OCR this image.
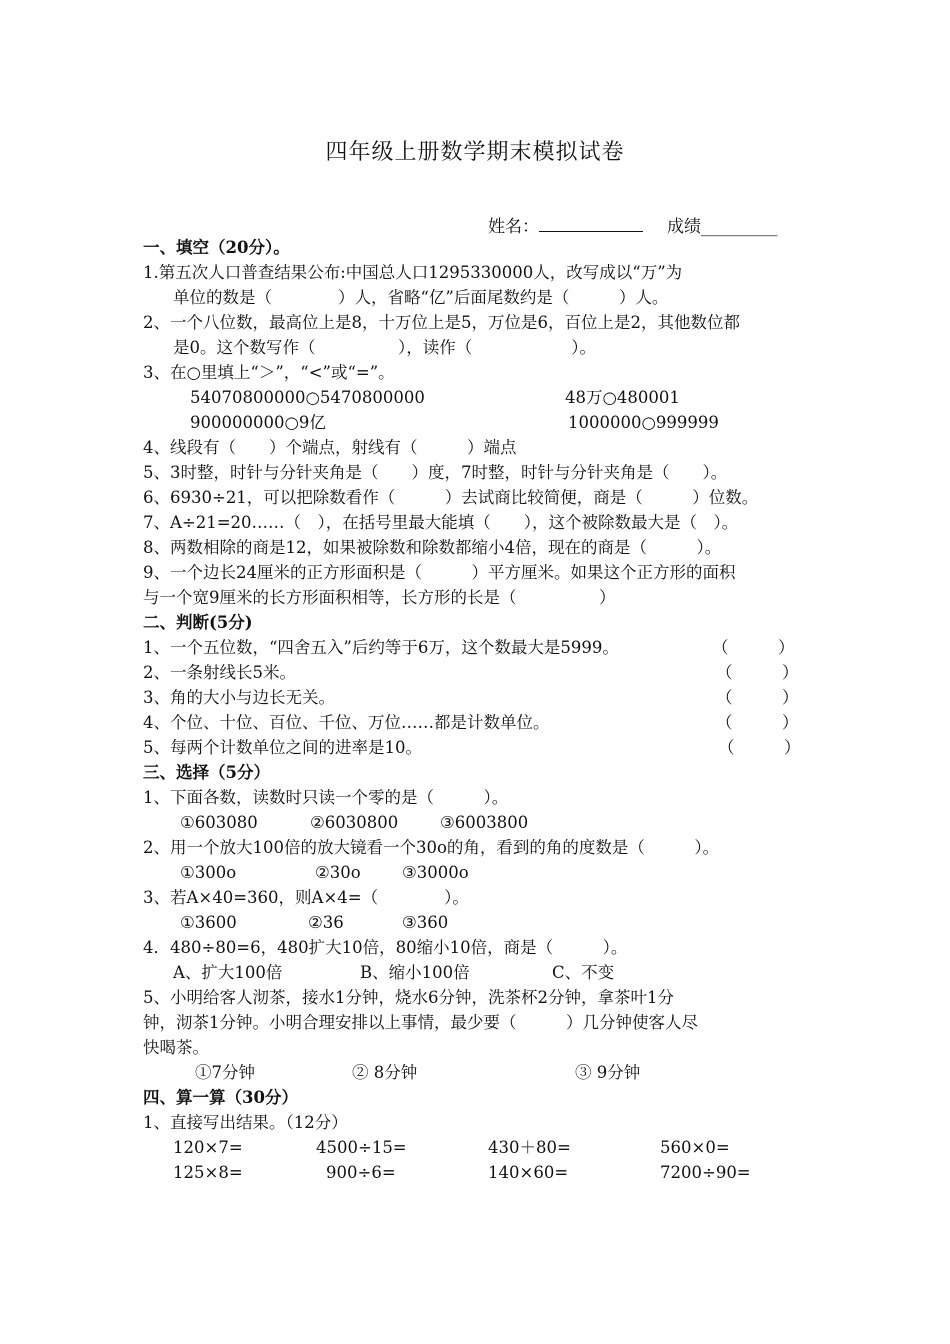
四年级上册数学期末模拟试卷
姓名：	成绩_________
一、填空（20分）。
1.第五次人口普查结果公布:中国总人口1295330000人，改写成以“万”为
单位的数是（　　　　）人，省略“亿”后面尾数约是（　　　）人。
2、一个八位数，最高位上是8，十万位上是5，万位是6，百位上是2，其他数位都
是0。这个数写作（　　　　　），读作（　　　　　　）。
3、在○里填上“＞”，“<”或“=”。
54070800000○5470800000	48万○480001
900000000○9亿	1000000○999999
4、线段有（　　）个端点，射线有（　　　）端点
5、3时整，时针与分针夹角是（　　）度，7时整，时针与分针夹角是（　　）。
6、6930÷21，可以把除数看作（　　　）去试商比较简便，商是（　　　）位数。
7、A÷21=20……（　），在括号里最大能填（　　），这个被除数最大是（　）。
8、两数相除的商是12，如果被除数和除数都缩小4倍，现在的商是（　　　）。
9、一个边长24厘米的正方形面积是（　　　）平方厘米。如果这个正方形的面积
与一个宽9厘米的长方形面积相等，长方形的长是（　　　　　）
二、判断(5分)
1、一个五位数，“四舍五入”后约等于6万，这个数最大是5999。	（　　　）
2、一条射线长5米。	（　　　）
3、角的大小与边长无关。	（　　　）
4、个位、十位、百位、千位、万位……都是计数单位。	（　　　）
5、每两个计数单位之间的进率是10。	（　　　）
三、选择（5分）
1、下面各数，读数时只读一个零的是（　　　）。
①603080	②6030800	③6003800
2、用一个放大100倍的放大镜看一个30o的角，看到的角的度数是（　　　）。
①300o	②30o	③3000o
3、若A×40=360，则A×4=（　　　　）。
①3600	②36	③360
4．480÷80=6，480扩大10倍，80缩小10倍，商是（　　　）。
A、扩大100倍	B、缩小100倍	C、不变
5、小明给客人沏茶，接水1分钟，烧水6分钟，洗茶杯2分钟，拿茶叶1分
钟，沏茶1分钟。小明合理安排以上事情，最少要（　　　）几分钟使客人尽
快喝茶。
①7分钟	② 8分钟	③ 9分钟
四、算一算（30分）
1、直接写出结果。（12分）
120×7=	4500÷15=	430＋80=	560×0=
125×8=	900÷6=	140×60=	7200÷90=
